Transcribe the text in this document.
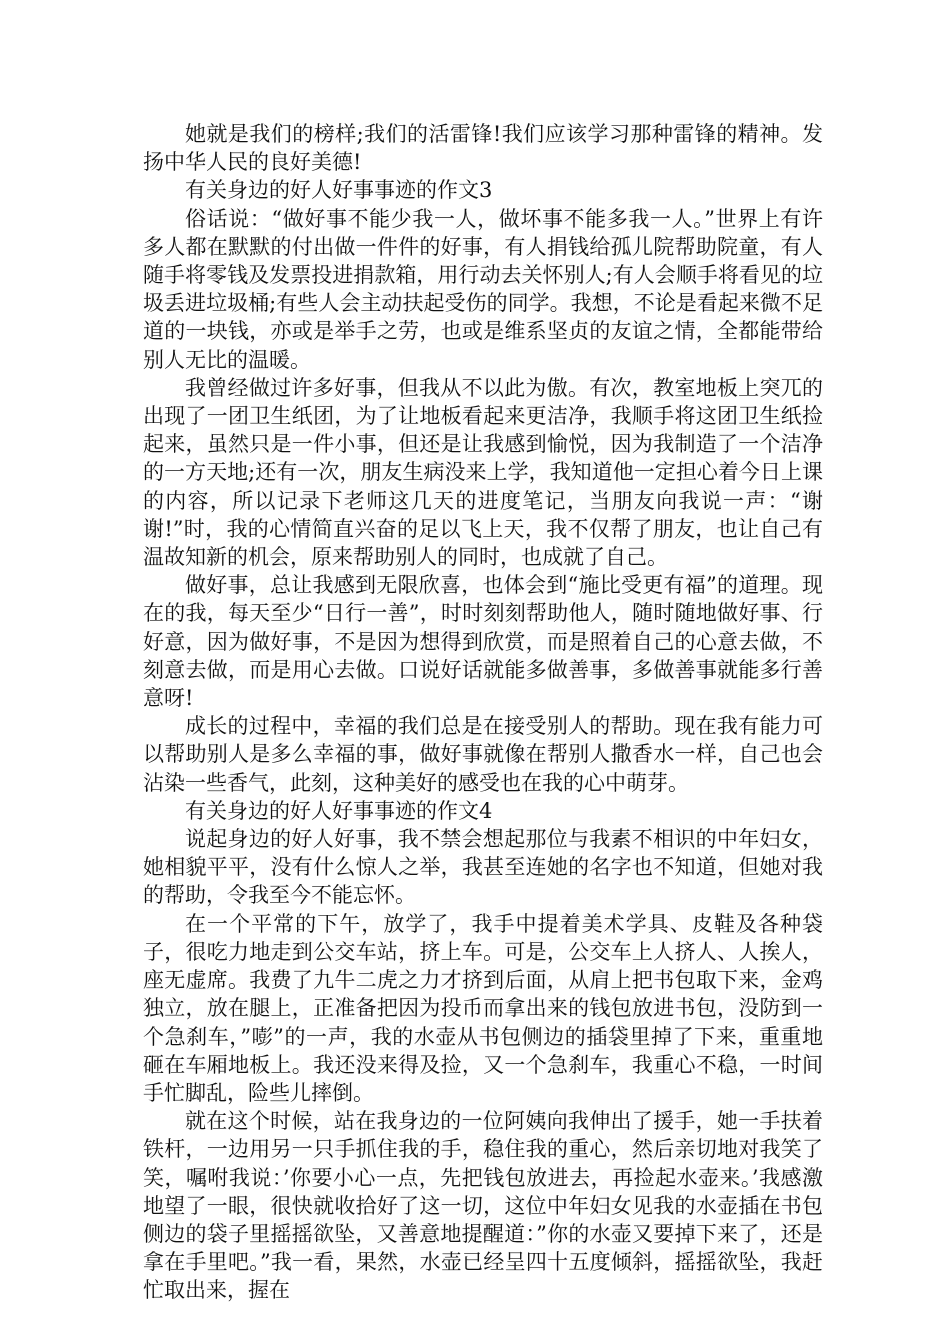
她就是我们的榜样;我们的活雷锋!我们应该学习那种雷锋的精神。发扬中华人民的良好美德!

有关身边的好人好事事迹的作文3

俗话说：“做好事不能少我一人，做坏事不能多我一人。”世界上有许多人都在默默的付出做一件件的好事，有人捐钱给孤儿院帮助院童，有人随手将零钱及发票投进捐款箱，用行动去关怀别人;有人会顺手将看见的垃圾丢进垃圾桶;有些人会主动扶起受伤的同学。我想，不论是看起来微不足道的一块钱，亦或是举手之劳，也或是维系坚贞的友谊之情，全都能带给别人无比的温暖。

我曾经做过许多好事，但我从不以此为傲。有次，教室地板上突兀的出现了一团卫生纸团，为了让地板看起来更洁净，我顺手将这团卫生纸捡起来，虽然只是一件小事，但还是让我感到愉悦，因为我制造了一个洁净的一方天地;还有一次，朋友生病没来上学，我知道他一定担心着今日上课的内容，所以记录下老师这几天的进度笔记，当朋友向我说一声：“谢谢!”时，我的心情简直兴奋的足以飞上天，我不仅帮了朋友，也让自己有温故知新的机会，原来帮助别人的同时，也成就了自己。

做好事，总让我感到无限欣喜，也体会到“施比受更有福”的道理。现在的我，每天至少“日行一善”，时时刻刻帮助他人，随时随地做好事、行好意，因为做好事，不是因为想得到欣赏，而是照着自己的心意去做，不刻意去做，而是用心去做。口说好话就能多做善事，多做善事就能多行善意呀!

成长的过程中，幸福的我们总是在接受别人的帮助。现在我有能力可以帮助别人是多么幸福的事，做好事就像在帮别人撒香水一样，自己也会沾染一些香气，此刻，这种美好的感受也在我的心中萌芽。

有关身边的好人好事事迹的作文4

说起身边的好人好事，我不禁会想起那位与我素不相识的中年妇女，她相貌平平，没有什么惊人之举，我甚至连她的名字也不知道，但她对我的帮助，令我至今不能忘怀。

在一个平常的下午，放学了，我手中提着美术学具、皮鞋及各种袋子，很吃力地走到公交车站，挤上车。可是，公交车上人挤人、人挨人，座无虚席。我费了九牛二虎之力才挤到后面，从肩上把书包取下来，金鸡独立，放在腿上，正准备把因为投币而拿出来的钱包放进书包，没防到一个急刹车，”嘭”的一声，我的水壶从书包侧边的插袋里掉了下来，重重地砸在车厢地板上。我还没来得及捡，又一个急刹车，我重心不稳，一时间手忙脚乱，险些儿摔倒。

就在这个时候，站在我身边的一位阿姨向我伸出了援手，她一手扶着铁杆，一边用另一只手抓住我的手，稳住我的重心，然后亲切地对我笑了笑，嘱咐我说：’你要小心一点，先把钱包放进去，再捡起水壶来。’我感激地望了一眼，很快就收拾好了这一切，这位中年妇女见我的水壶插在书包侧边的袋子里摇摇欲坠，又善意地提醒道：”你的水壶又要掉下来了，还是拿在手里吧。”我一看，果然，水壶已经呈四十五度倾斜，摇摇欲坠，我赶忙取出来，握在
